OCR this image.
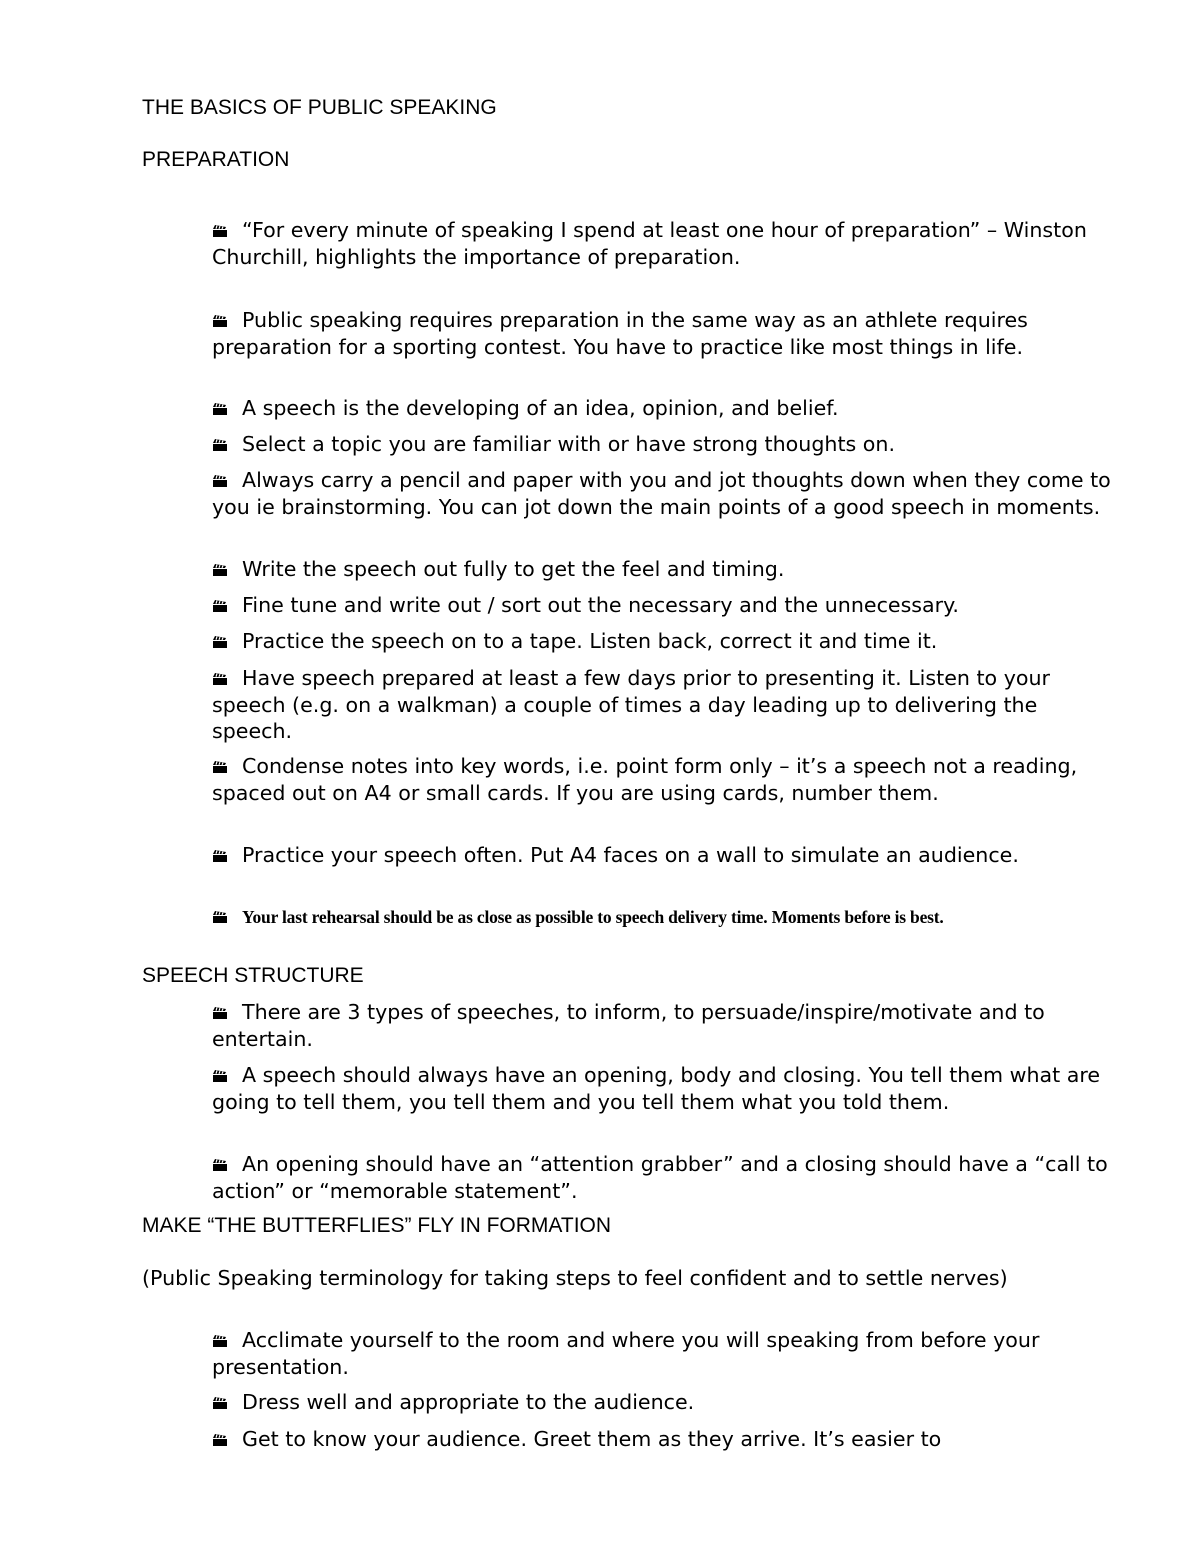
THE BASICS OF PUBLIC SPEAKING
PREPARATION

“For every minute of speaking I spend at least one hour of preparation” – Winston Churchill, highlights the importance of preparation.

Public speaking requires preparation in the same way as an athlete requires preparation for a sporting contest. You have to practice like most things in life.

A speech is the developing of an idea, opinion, and belief.

Select a topic you are familiar with or have strong thoughts on.

Always carry a pencil and paper with you and jot thoughts down when they come to you ie brainstorming. You can jot down the main points of a good speech in moments.

Write the speech out fully to get the feel and timing.

Fine tune and write out / sort out the necessary and the unnecessary.

Practice the speech on to a tape. Listen back, correct it and time it.

Have speech prepared at least a few days prior to presenting it. Listen to your speech (e.g. on a walkman) a couple of times a day leading up to delivering the speech.

Condense notes into key words, i.e. point form only – it’s a speech not a reading, spaced out on A4 or small cards. If you are using cards, number them.

Practice your speech often. Put A4 faces on a wall to simulate an audience.

Your last rehearsal should be as close as possible to speech delivery time. Moments before is best.

SPEECH STRUCTURE

There are 3 types of speeches, to inform, to persuade/inspire/motivate and to entertain.

A speech should always have an opening, body and closing. You tell them what are going to tell them, you tell them and you tell them what you told them.

An opening should have an “attention grabber” and a closing should have a “call to action” or “memorable statement”.

MAKE “THE BUTTERFLIES” FLY IN FORMATION

(Public Speaking terminology for taking steps to feel confident and to settle nerves)

Acclimate yourself to the room and where you will speaking from before your presentation.

Dress well and appropriate to the audience.

Get to know your audience. Greet them as they arrive. It’s easier to
